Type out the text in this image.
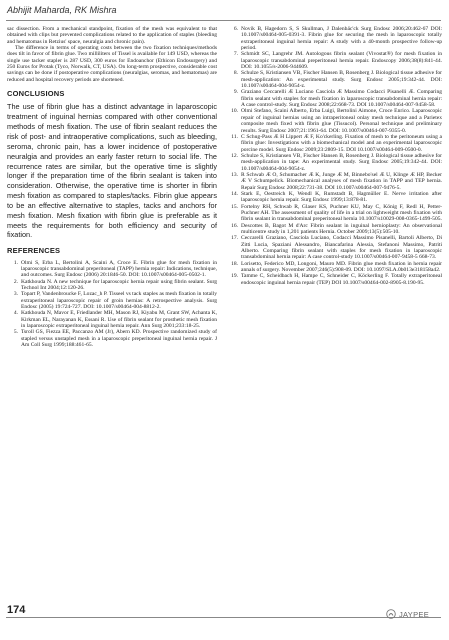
Abhijit Maharda, RK Mishra

sac dissection. From a mechanical standpoint, fixation of the mesh was equivalent to that obtained with clips but prevented complications related to the application of staples (bleeding and hematomas in Retzius' space, neuralgia and chronic pain).

The difference in terms of operating costs between the two fixation techniques/methods does tilt in favor of fibrin glue. Two milliliters of Tissel is available for 149 USD, whereas the single use tacker stapler is 287 USD, 300 euros for Endoanchor (Ethicon Endosurgery) and 250 Euros for Protak (Tyco, Norwalk, CT, USA). On long-term prospective, considerable cost savings can be done if postoperative complications (neuralgias, seromas, and hematomas) are reduced and hospital recovery periods are shortened.

CONCLUSIONS

The use of fibrin glue has a distinct advantage in laparoscopic treatment of inguinal hernias compared with other conventional methods of mesh fixation. The use of fibrin sealant reduces the risk of post- and intraoperative complications, such as bleeding, seroma, chronic pain, has a lower incidence of postoperative neuralgia and provides an early faster return to social life. The recurrence rates are similar, but the operative time is slightly longer if the preparation time of the fibrin sealant is taken into consideration. Otherwise, the operative time is shorter in fibrin mesh fixation as compared to staples/tacks. Fibrin glue appears to be an effective alternative to staples, tacks and anchors for mesh fixation. Mesh fixation with fibrin glue is preferable as it meets the requirements for both efficiency and security of fixation.

REFERENCES
1. Olmi S, Erba L, Bertolini A, Scaini A, Croce E. Fibrin glue for mesh fixation in laparoscopic transabdominal preperitoneal (TAPP) hernia repair: Indications, technique, and outcomes. Surg Endosc (2006) 20:1846-50. DOI: 10.1007/s00464-005-0502-1.
2. Katkhouda N. A new technique for laparoscopic hernia repair using fibrin sealant. Surg Technol Int 2004;12:120-26.
3. Topart P, Vandenbroucke F, Lozac_h P. Tisseel vs tack staples as mesh fixation in totally extraperitoneal laparoscopic repair of groin hernias: A retrospective analysis. Surg Endosc (2005) 19:724-727. DOI: 10.1007/s00464-004-8812-2.
4. Katkhouda N, Mavor E, Friedlander MH, Mason RJ, Kiyabu M, Grant SW, Achanta K, Kirkman EL, Narayanan K, Essani R. Use of fibrin sealant for prosthetic mesh fixation in laparoscopic extraperitoneal inguinal hernia repair. Ann Surg 2001;233:18-25.
5. Tsroll GS, Fiezza EE, Paccanzo AM (Jr), Abern KD. Prospective randomized study of stapled versus unstapled mesh in a laparoscopic preperitoneal inguinal hernia repair. J Am Coll Surg 1999;188:461-65.
6. Novik B, Hagedorn S, S Skullman, J Dalenbäc'ck Surg Endosc 2006;20:462-67 DOI: 10.1007/s00464-005-0391-3. Fibrin glue for securing the mesh in laparoscopic totally extraperitoneal inguinal hernia repair: A study with a 40-month prospective follow-up period.
7. Schmidt SC, Langrehr JM. Autologous fibrin sealant (Vivostat®) for mesh fixation in laparoscopic transabdominal preperitoneal hernia repair. Endoscopy 2006;38(8):841-44. DOI: 10.1055/s-2006-944609.
8. Schulze S, Kristiansen VB, Fischer Hansen B, Rosenberg J. Biological tissue adhesive for mesh-application: An experimental study. Surg Endosc 2005;19:342-44. DOI: 10.1007/s00464-004-9054-z.
9. Graziano Ceccarelli Æ Luciano Casciola Æ Massimo Codacci Pisanelli Æ. Comparing fibrin sealant with staples for mesh fixation in laparoscopic transabdominal hernia repair: A case control-study. Surg Endosc 2008;22:668-73. DOI 10.1007/s00464-007-9458-58.
10. Olmi Stefano, Scaini Alberto, Erba Luigi, Bertolini Aimone, Croce Enrico. Laparoscopic repair of inguinal hernias using an intraperitoneal onlay mesh technique and a Parietex composite mesh fixed with fibrin glue (Tissucol). Personal technique and preliminary results. Surg Endosc 2007;21:1961-64. DOI: 10.1007/s00464-007-9355-0.
11. C Schug-Pass Æ H Lippert Æ F, Ko'ckerling. Fixation of mesh to the peritoneum using a fibrin glue: Investigations with a biomechanical model and an experimental laparoscopic porcine model. Surg Endosc 2009;23:2809-15. DOI 10.1007/s00464-009-0500-0.
12. Schulze S, Kristiansen VB, Fischer Hansen B, Rosenberg J. Biological tissue adhesive for mesh-application in tape: An experimental study. Surg Endosc 2005;19:342-44. DOI: 10.1007/s00464-004-9054-z.
13. R Schwab Æ O, Schumacher Æ K, Junge Æ M, Binnebo'sel Æ U, Klinge Æ HP, Becker Æ V Schumpelick. Biomechanical analyses of mesh fixation in TAPP and TEP hernia. Repair Surg Endosc 2008;22:731-38. DOI 10.1007/s00464-007-9476-5.
14. Stark E, Oestreich K, Wendl K, Rumstadt B, Hagmüller E. Nerve irritation after laparoscopic hernia repair. Surg Endosc 1999;13:878-81.
15. Fortelny RH, Schwab R, Glaser KS, Puchner KU, May C, König F, Redl H, Petter-Puchner AH. The assessment of quality of life in a trial on lightweight mesh fixation with fibrin sealant in transabdominal preperitoneal hernia 10.1007/s10029-008-0365-1499-505.
16. Descottes B, Bagot M d'Arc Fibrin sealant in inguinal hernioplasty: An observational multicentre study in 1,201 patients Hernia. October 2009;13(5):505-10.
17. Ceccarelli Graziano, Casciola Luciano, Codacci Massimo Pisanelli, Bartoli Alberto, Di Zitti Lucia, Spaziani Alessandro, Biancafarina Alessia, Stefanoni Massimo, Patriti Alberto. Comparing fibrin sealant with staples for mesh fixation in laparoscopic transabdominal hernia repair: A case control-study 10.1007/s00464-007-9458-5 668-73.
18. Lorisetto, Federico MD, Longoni, Mauro MD. Fibrin glue mesh fixation in hernia repair annals of surgery. November 2007;246(5):908-09. DOI: 10.1097/SLA.0b013e318158a42.
19. Tamme C, Scheidbach H, Hampe C, Schneider C, Köckerling F. Totally extraperitoneal endoscopic inguinal hernia repair (TEP) DOI 10.1007/s00464-002-8905-8.190-95.
174	JAYPEE
